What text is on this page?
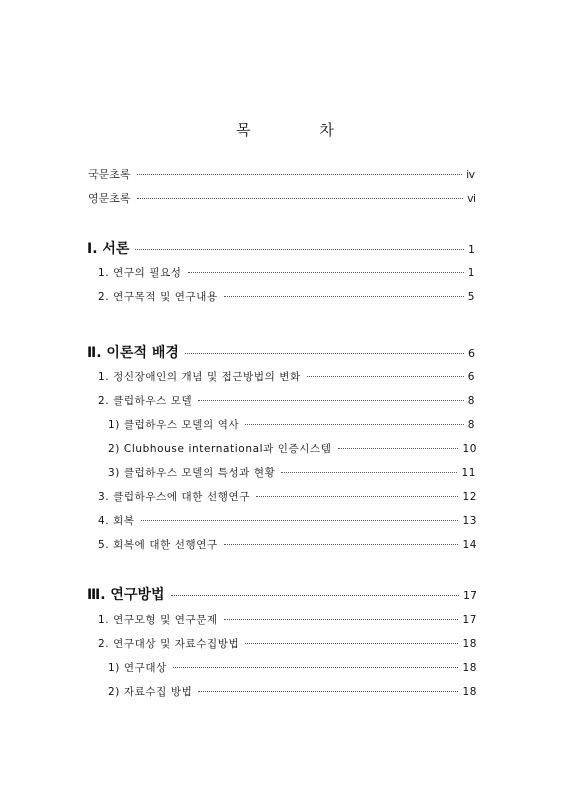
목 차
국문초록	ⅳ
영문초록	ⅵ
Ⅰ. 서론	1
1. 연구의 필요성	1
2. 연구목적 및 연구내용	5
Ⅱ. 이론적 배경	6
1. 정신장애인의 개념 및 접근방법의 변화	6
2. 클럽하우스 모델	8
1) 클럽하우스 모델의 역사	8
2) Clubhouse international과 인증시스템	10
3) 클럽하우스 모델의 특성과 현황	11
3. 클럽하우스에 대한 선행연구	12
4. 회복	13
5. 회복에 대한 선행연구	14
Ⅲ. 연구방법	17
1. 연구모형 및 연구문제	17
2. 연구대상 및 자료수집방법	18
1) 연구대상	18
2) 자료수집 방법	18
